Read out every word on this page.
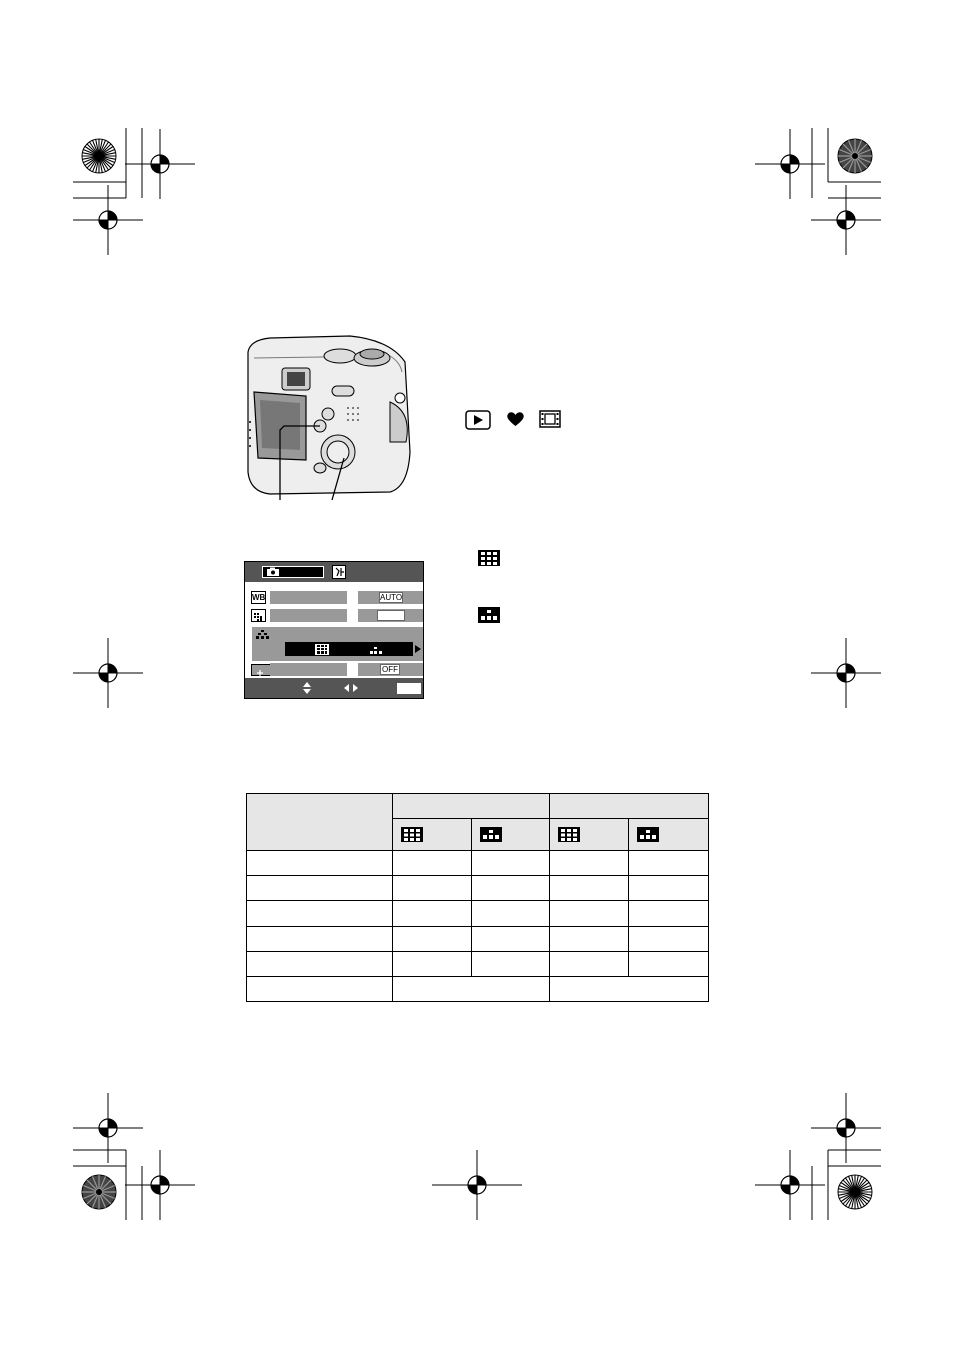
WB	AUTO
OFF
